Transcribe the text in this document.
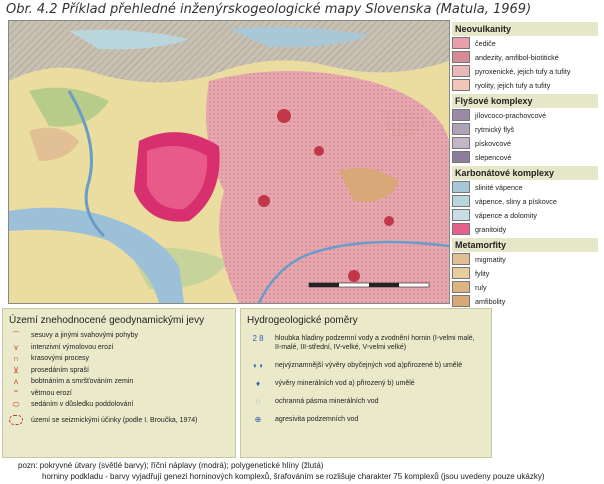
Obr. 4.2 Příklad přehledné inženýrskogeologické mapy Slovenska (Matula, 1969)
Neovulkanity
čediče
andezity, amfibol-biotitické
pyroxenické, jejich tufy a tufity
ryolity, jejich tufy a tufity
Flyšové komplexy
jílovcoco-prachovcové
rytmický flyš
pískovcové
slepencové
Karbonátové komplexy
slinité vápence
vápence, sliny a pískovce
vápence a dolomity
granitoidy
Metamorfity
migmatity
fylity
ruly
amfibolity
Území znehodnocené geodynamickými jevy
⌒	sesuvy a jinými svahovými pohyby
⋎	intenzivní výmolovou erozí
∩	krasovými procesy
⊻	prosedáním spraší
ʌ	bobtnáním a smršťováním zemin
⌃	větrnou erozí
⬭	sedáním v důsledku poddolování
území se seizmickými účinky (podle I. Broučka, 1974)
Hydrogeologické poměry
2 8	hloubka hladiny podzemní vody a zvodnění hornin (I-velmi malé, II-malé, III-střední, IV-velké, V-velmi velké)
◐◑	nejvýznamnější vývěry obyčejných vod a)přirozené b) umělé
♦	vývěry minerálních vod a) přirozený b) umělé
◌	ochranná pásma minerálních vod
⊕	agresivita podzemních vod
pozn: pokryvné útvary (světlé barvy); říční náplavy (modrá); polygenetické hlíny (žlutá)
horniny podkladu - barvy vyjadřují genezi horninových komplexů, šrafováním se rozlišuje charakter 75 komplexů (jsou uvedeny pouze ukázky)
